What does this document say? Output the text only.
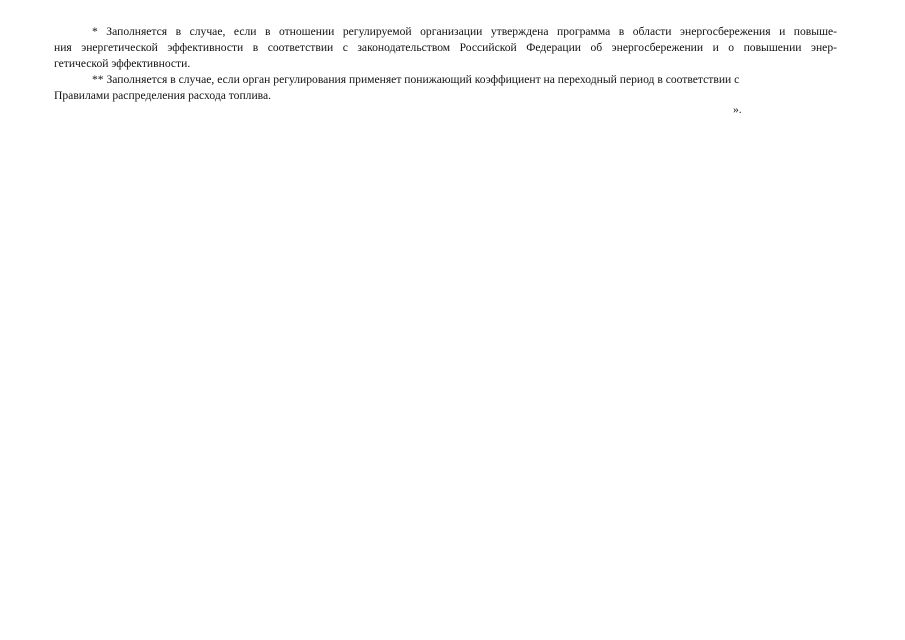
* Заполняется в случае, если в отношении регулируемой организации утверждена программа в области энергосбережения и повыше-
ния энергетической эффективности в соответствии с законодательством Российской Федерации об энергосбережении и о повышении энер-
гетической эффективности.
** Заполняется в случае, если орган регулирования применяет понижающий коэффициент на переходный период в соответствии с
Правилами распределения расхода топлива.

».
